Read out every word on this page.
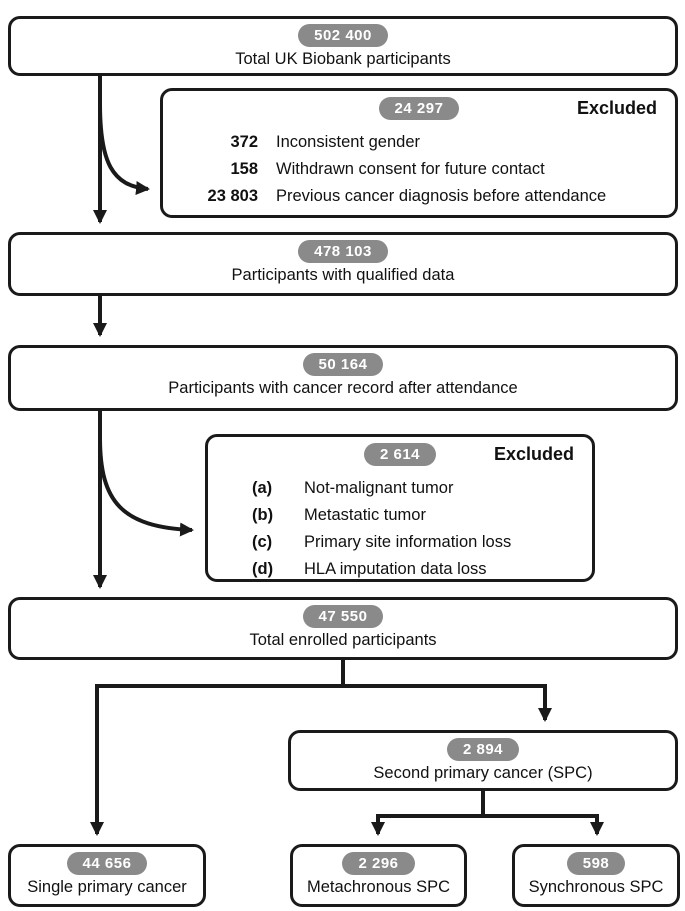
502 400
Total UK Biobank participants
24 297	Excluded
372 Inconsistent gender
158 Withdrawn consent for future contact
23 803 Previous cancer diagnosis before attendance
478 103
Participants with qualified data
50 164
Participants with cancer record after attendance
2 614	Excluded
(a)	Not-malignant tumor
(b)	Metastatic tumor
(c)	Primary site information loss
(d)	HLA imputation data loss
47 550
Total enrolled participants
2 894
Second primary cancer (SPC)
44 656
Single primary cancer
2 296
Metachronous SPC
598
Synchronous SPC
